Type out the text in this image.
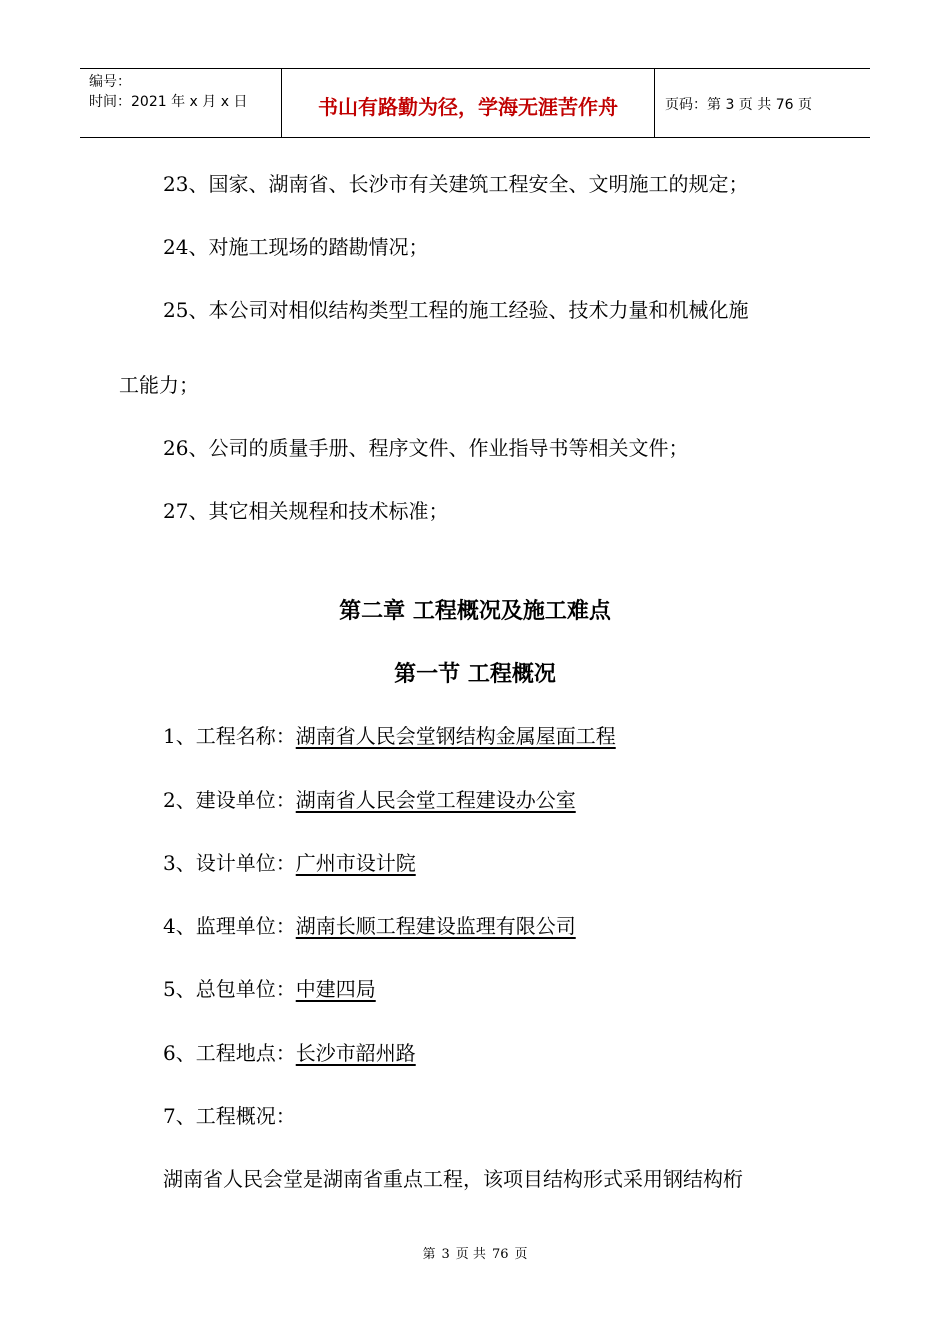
编号：
时间：2021 年 x 月 x 日	书山有路勤为径，学海无涯苦作舟	页码：第 3 页 共 76 页
23、国家、湖南省、长沙市有关建筑工程安全、文明施工的规定；
24、对施工现场的踏勘情况；
25、本公司对相似结构类型工程的施工经验、技术力量和机械化施
工能力；
26、公司的质量手册、程序文件、作业指导书等相关文件；
27、其它相关规程和技术标准；
第二章 工程概况及施工难点
第一节 工程概况
1、工程名称：湖南省人民会堂钢结构金属屋面工程
2、建设单位：湖南省人民会堂工程建设办公室
3、设计单位：广州市设计院
4、监理单位：湖南长顺工程建设监理有限公司
5、总包单位：中建四局
6、工程地点：长沙市韶州路
7、工程概况：
湖南省人民会堂是湖南省重点工程，该项目结构形式采用钢结构桁
第 3 页 共 76 页
